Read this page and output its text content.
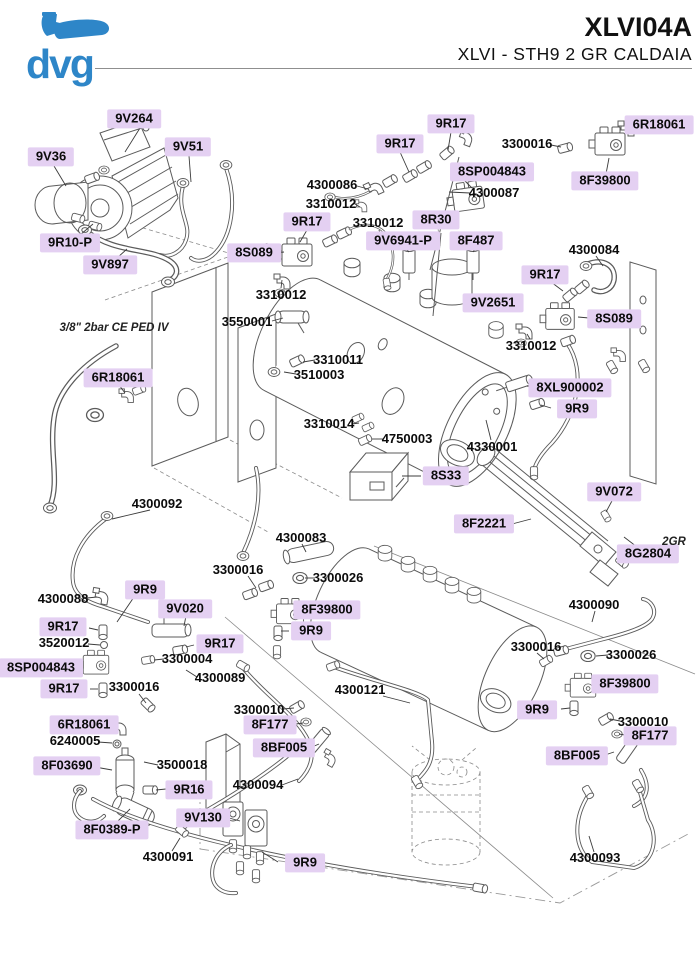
dvg
XLVI04A
XLVI - STH9 2 GR CALDAIA
9V264
9V36
9V51
9R10-P
9V897
8S089
9R17
9R17
9R17
8SP004843
6R18061
8F39800
8R30
9V6941-P	8F487
9R17
8S089
9V2651
6R18061
8XL900002
9R9
9V072
8F2221
8G2804
8S33
9R9
9V020	8F39800
9R9
9R17
9R17
8SP004843
9R17
6R18061
8F03690
9R16
8F0389-P
9V130
9R9
8F177
8BF005
8F39800
9R9
8F177
8BF005
4300086
3310012
3300016
4300087
3310012
4300084
3310012
3310012
3550001
3310011
3510003
3310014
4750003
4330001
4300092
4300083
3300016
3300026
4300088
3520012
3300004
4300089
3300016
6240005
3500018
4300091
4300094
4300121
3300010
4300090
3300016
3300026
3300010
4300093
3/8" 2bar CE PED IV
2GR
